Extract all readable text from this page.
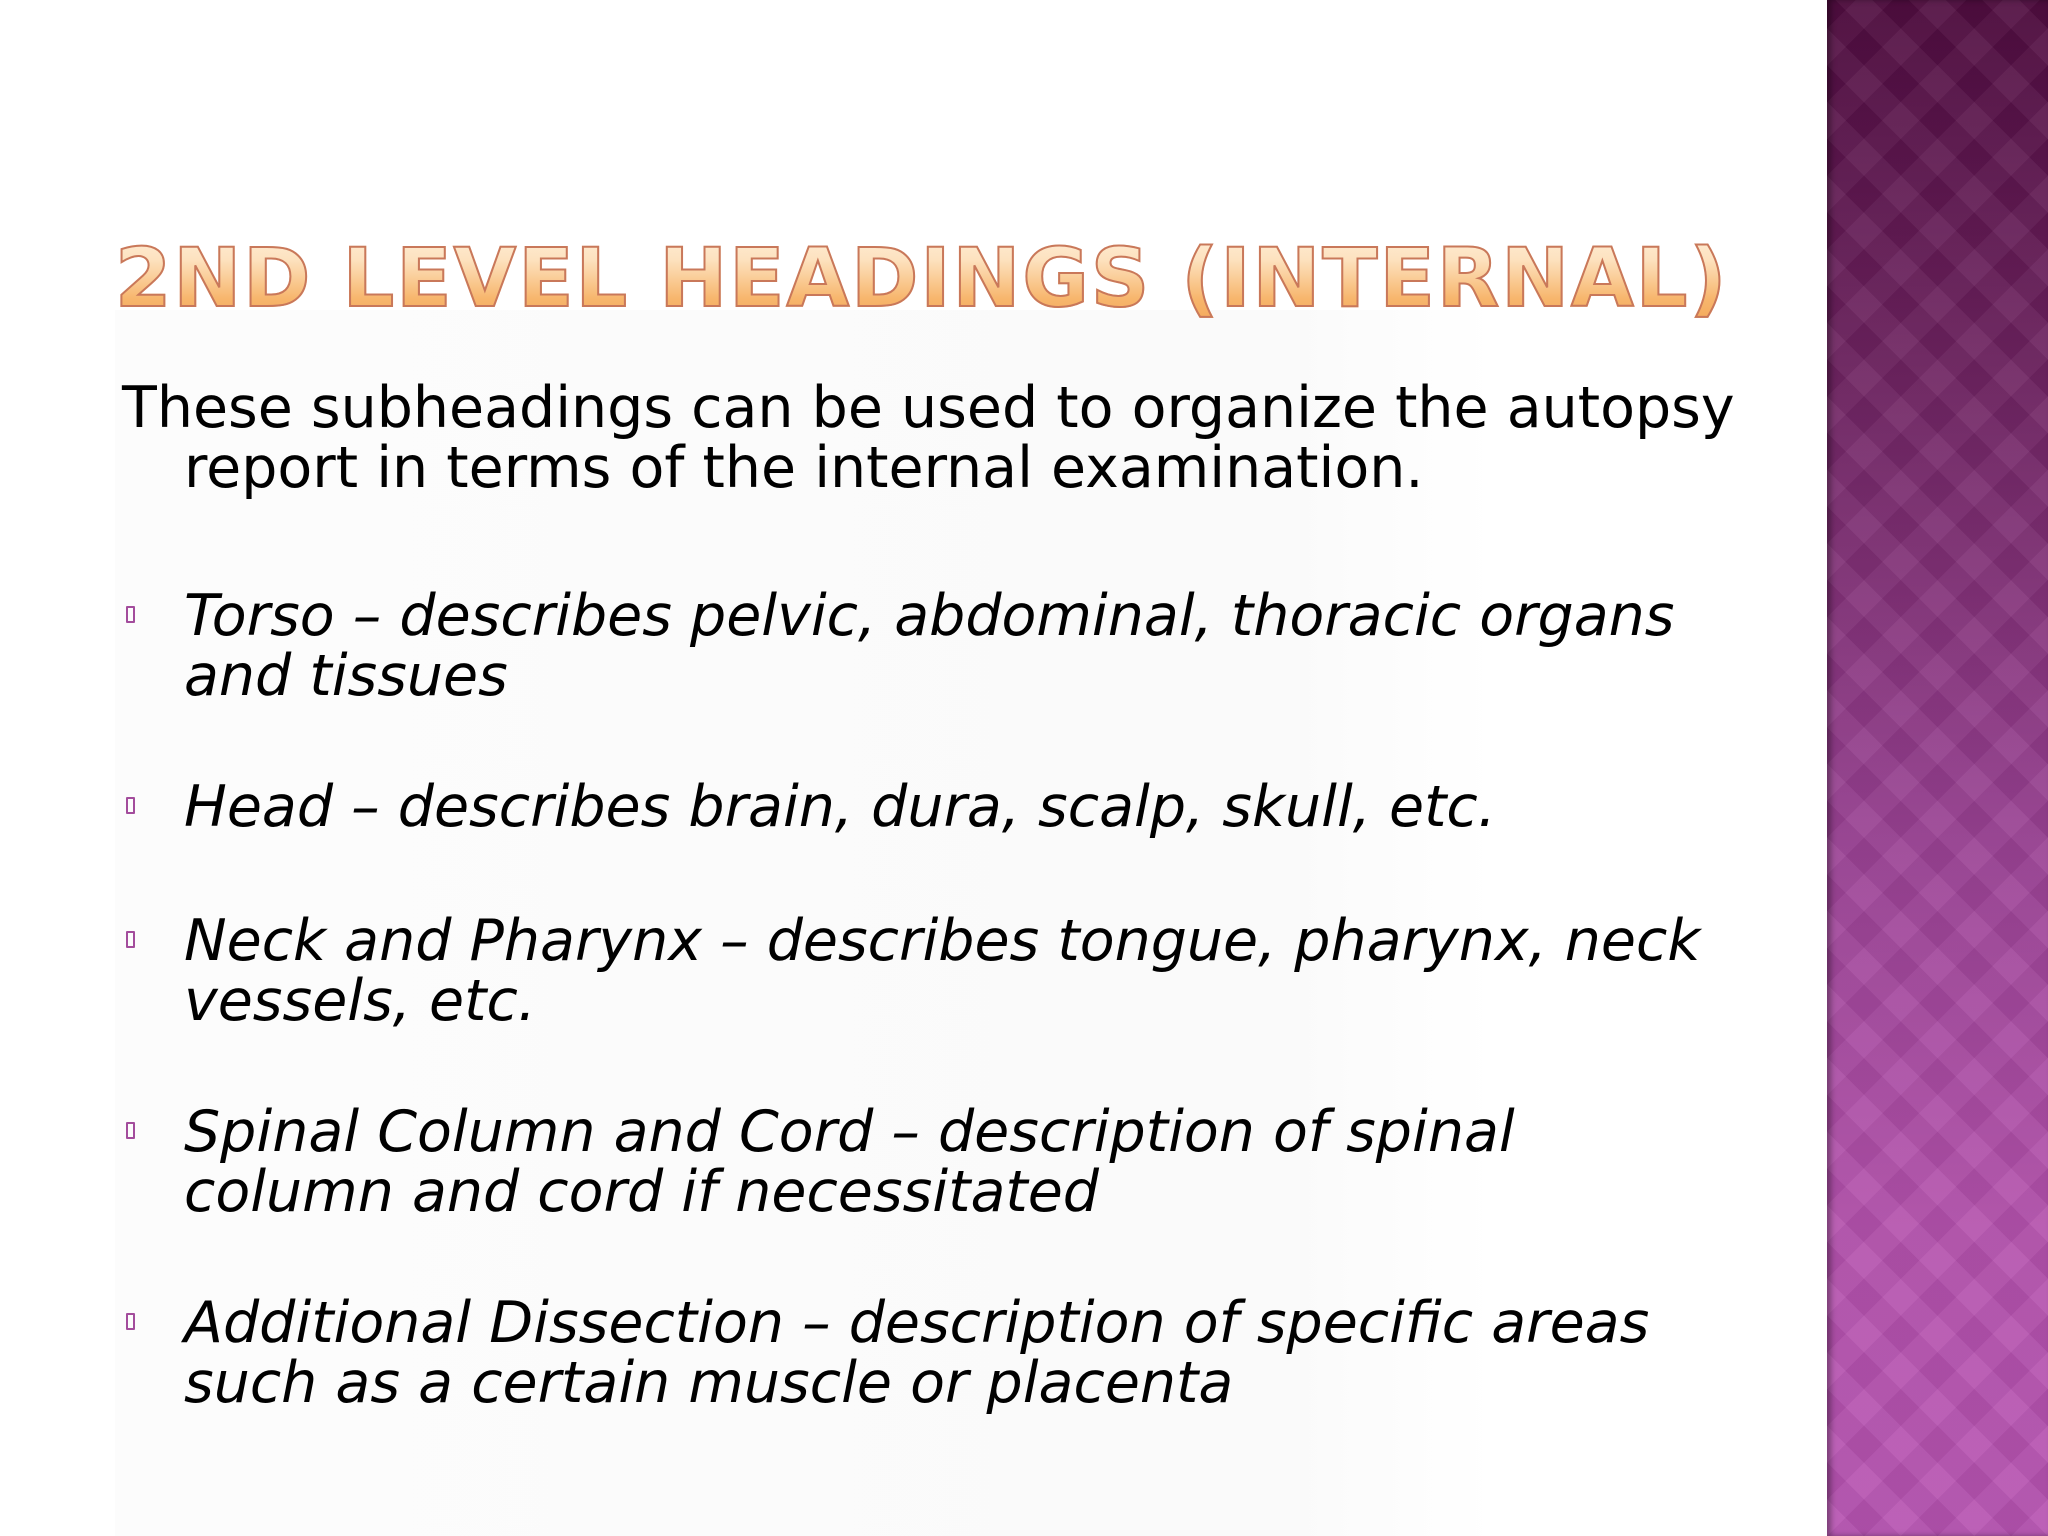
2ND LEVEL HEADINGS (INTERNAL)

These subheadings can be used to organize the autopsy
report in terms of the internal examination.

Torso – describes pelvic, abdominal, thoracic organs
and tissues
Head – describes brain, dura, scalp, skull, etc.
Neck and Pharynx – describes tongue, pharynx, neck
vessels, etc.
Spinal Column and Cord – description of spinal
column and cord if necessitated
Additional Dissection – description of specific areas
such as a certain muscle or placenta
